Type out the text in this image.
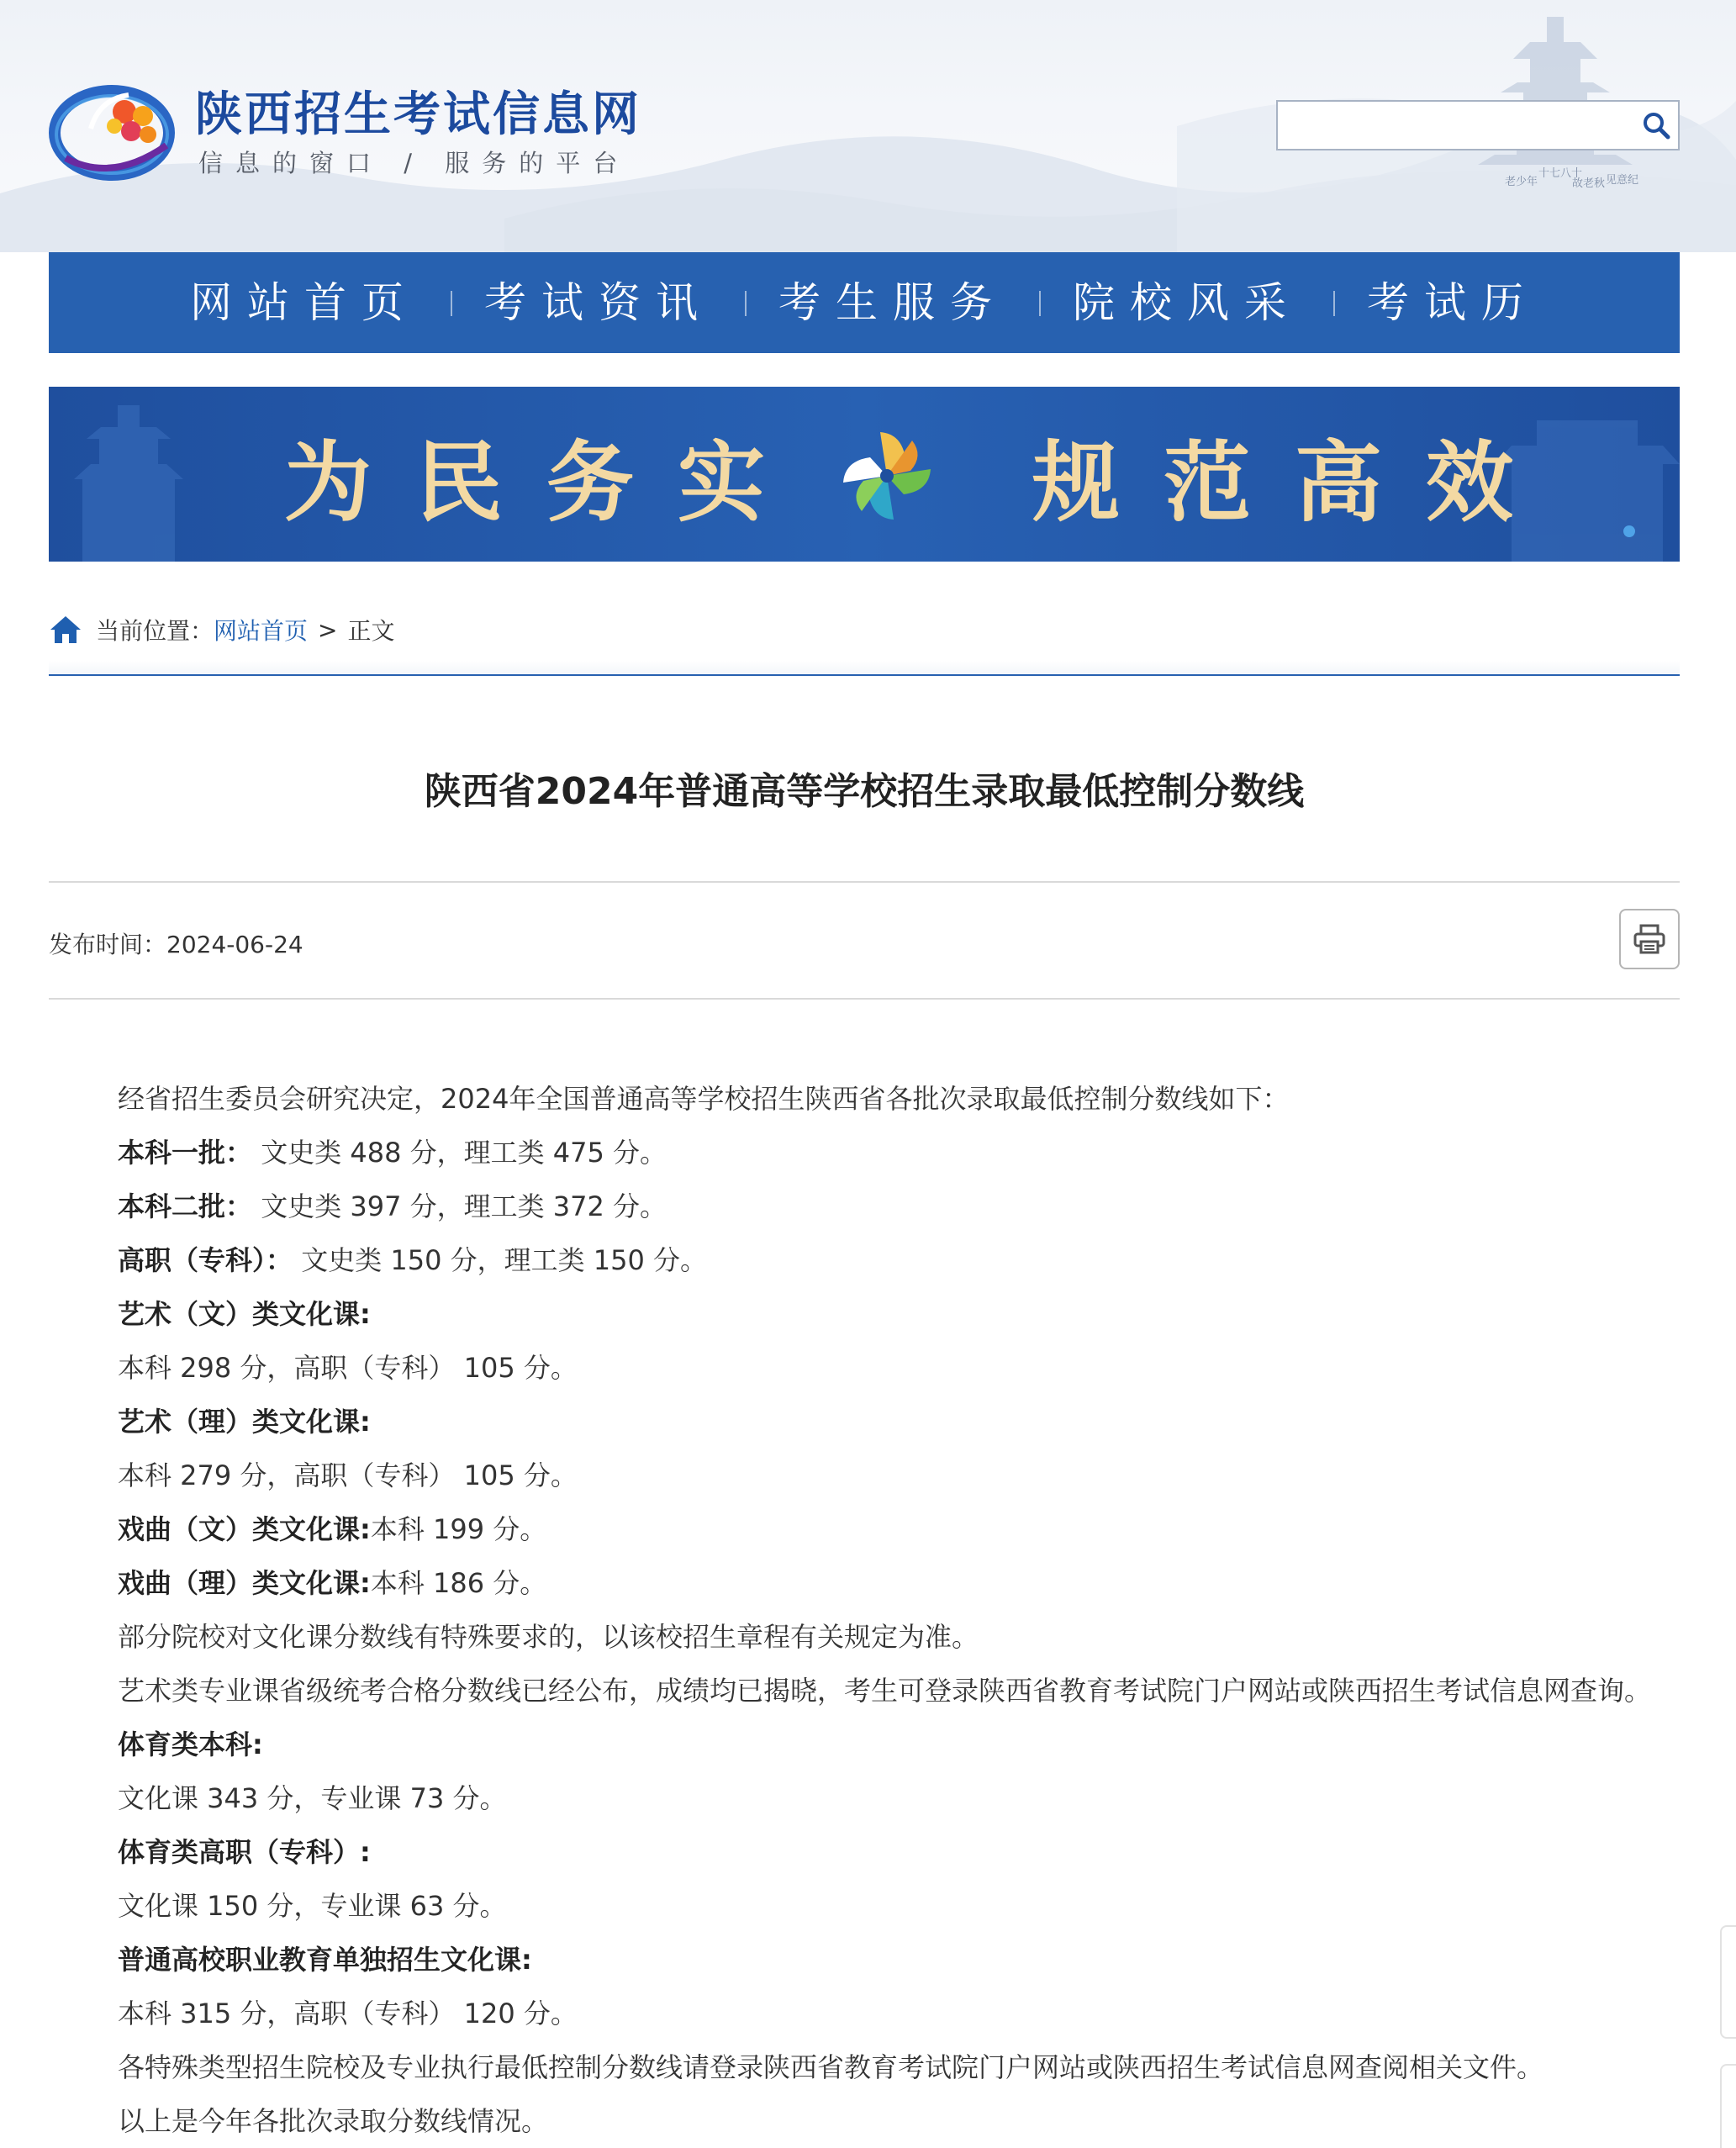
陕西招生考试信息网
信息的窗口 / 服务的平台
老少年
十七八十
故老秋 见意纪
网站首页 考试资讯 考生服务 院校风采 考试历
为民务实	规范高效
当前位置： 网站首页 > 正文
陕西省2024年普通高等学校招生录取最低控制分数线
发布时间：2024-06-24
经省招生委员会研究决定，2024年全国普通高等学校招生陕西省各批次录取最低控制分数线如下：
本科一批： 文史类 488 分，理工类 475 分。
本科二批： 文史类 397 分，理工类 372 分。
高职（专科）： 文史类 150 分，理工类 150 分。
艺术（文）类文化课:
本科 298 分，高职（专科） 105 分。
艺术（理）类文化课:
本科 279 分，高职（专科） 105 分。
戏曲（文）类文化课:本科 199 分。
戏曲（理）类文化课:本科 186 分。
部分院校对文化课分数线有特殊要求的，以该校招生章程有关规定为准。
艺术类专业课省级统考合格分数线已经公布，成绩均已揭晓，考生可登录陕西省教育考试院门户网站或陕西招生考试信息网查询。
体育类本科:
文化课 343 分，专业课 73 分。
体育类高职（专科）:
文化课 150 分，专业课 63 分。
普通高校职业教育单独招生文化课:
本科 315 分，高职（专科） 120 分。
各特殊类型招生院校及专业执行最低控制分数线请登录陕西省教育考试院门户网站或陕西招生考试信息网查阅相关文件。
以上是今年各批次录取分数线情况。
